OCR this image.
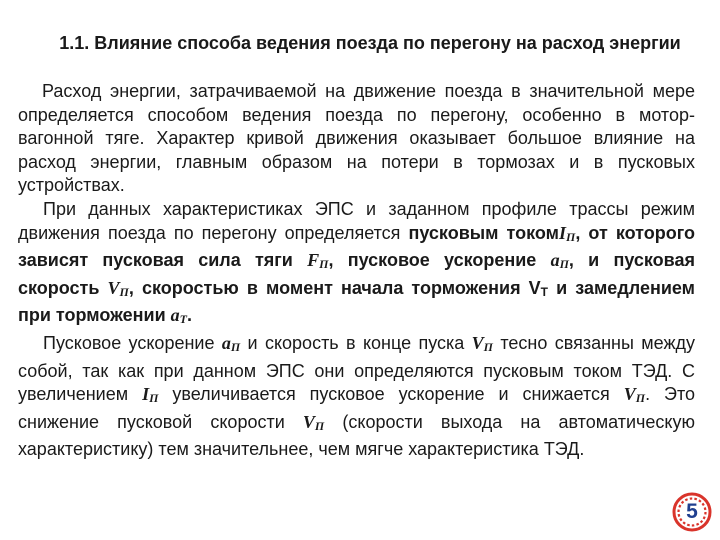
1.1. Влияние способа ведения поезда по перегону на расход энергии

Расход энергии, затрачиваемой на движение поезда в значительной мере определяется способом ведения поезда по перегону, особенно в мотор-вагонной тяге. Характер кривой движения оказывает большое влияние на расход энергии, главным образом на потери в тормозах и в пусковых устройствах.

При данных характеристиках ЭПС и заданном профиле трассы режим движения поезда по перегону определяется пусковым токомIП, от которого зависят пусковая сила тяги FП, пусковое ускорение aП, и пусковая скорость VП, скоростью в момент начала торможения VT и замедлением при торможении aT.

Пусковое ускорение aП и скорость в конце пуска VП тесно связанны между собой, так как при данном ЭПС они определяются пусковым током ТЭД. С увеличением IП увеличивается пусковое ускорение и снижается VП. Это снижение пусковой скорости VП (скорости выхода на автоматическую характеристику) тем значительнее, чем мягче характеристика ТЭД.

5
